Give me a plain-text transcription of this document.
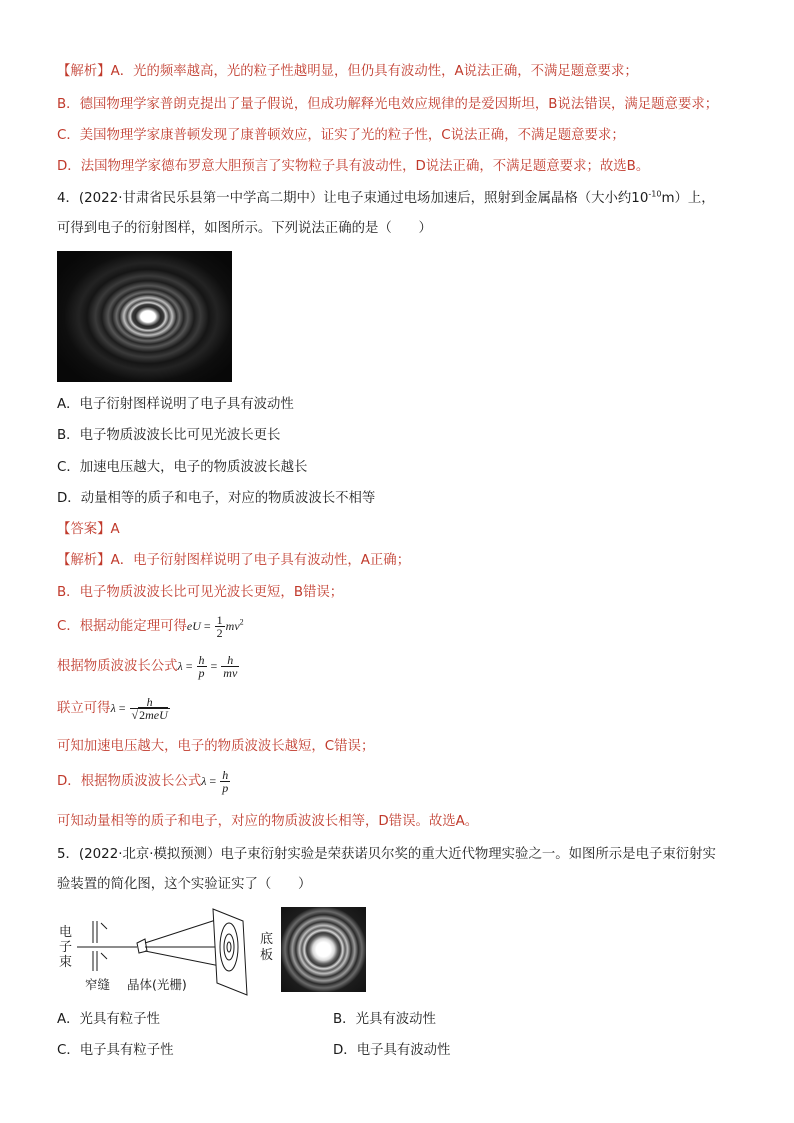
【解析】A．光的频率越高，光的粒子性越明显，但仍具有波动性，A说法正确，不满足题意要求；
B．德国物理学家普朗克提出了量子假说，但成功解释光电效应规律的是爱因斯坦，B说法错误，满足题意要求；
C．美国物理学家康普顿发现了康普顿效应，证实了光的粒子性，C说法正确，不满足题意要求；
D．法国物理学家德布罗意大胆预言了实物粒子具有波动性，D说法正确，不满足题意要求；故选B。
4．(2022·甘肃省民乐县第一中学高二期中）让电子束通过电场加速后，照射到金属晶格（大小约$10^{-10}m$）上，
可得到电子的衍射图样，如图所示。下列说法正确的是（　　）
A．电子衍射图样说明了电子具有波动性
B．电子物质波波长比可见光波长更长
C．加速电压越大，电子的物质波波长越长
D．动量相等的质子和电子，对应的物质波波长不相等
【答案】A
【解析】A．电子衍射图样说明了电子具有波动性，A正确；
B．电子物质波波长比可见光波长更短，B错误；
C．根据动能定理可得eU = $\frac{1}{2} mv^2$
根据物质波波长公式$\lambda = \frac{h}{p} = \frac{h}{mv}$
联立可得$\lambda = \frac{h}{\text{√2meU}}$
可知加速电压越大，电子的物质波波长越短，C错误；
D．根据物质波波长公式$\lambda = \frac{h}{p}$
可知动量相等的质子和电子，对应的物质波波长相等，D错误。故选A。
5．(2022·北京·模拟预测）电子束衍射实验是荣获诺贝尔奖的重大近代物理实验之一。如图所示是电子束衍射实
验装置的简化图，这个实验证实了（　　）
电子束
底板
窄缝 晶体(光栅)
A．光具有粒子性	B．光具有波动性
C．电子具有粒子性	D．电子具有波动性
